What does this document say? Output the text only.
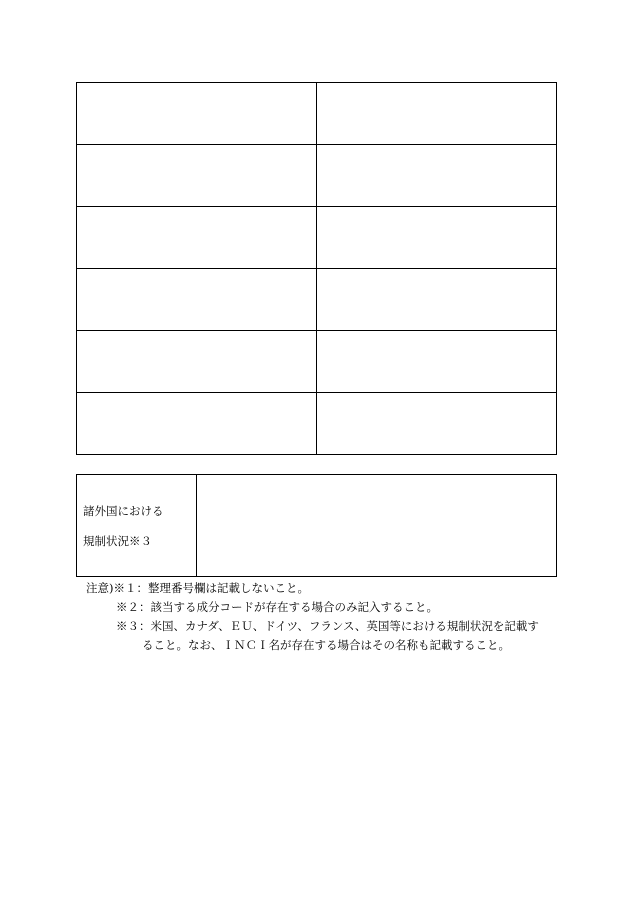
諸外国における
規制状況※３

注意)※１：整理番号欄は記載しないこと。
※２：該当する成分コードが存在する場合のみ記入すること。
※３：米国、カナダ、ＥＵ、ドイツ、フランス、英国等における規制状況を記載す
ること。なお、ＩＮＣＩ名が存在する場合はその名称も記載すること。
